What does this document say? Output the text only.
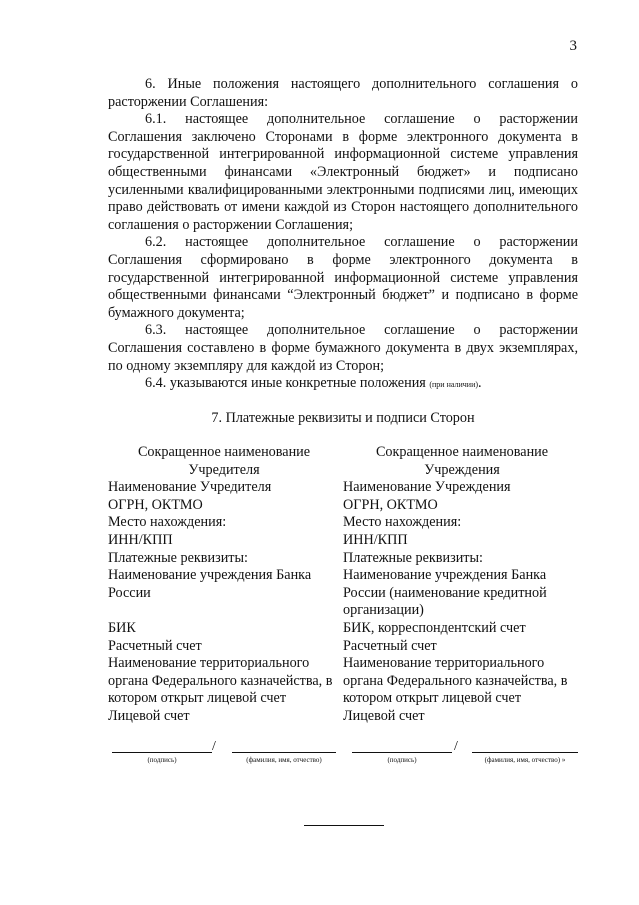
3

6. Иные положения настоящего дополнительного соглашения о расторжении Соглашения:

6.1. настоящее дополнительное соглашение о расторжении Соглашения заключено Сторонами в форме электронного документа в государственной интегрированной информационной системе управления общественными финансами «Электронный бюджет» и подписано усиленными квалифицированными электронными подписями лиц, имеющих право действовать от имени каждой из Сторон настоящего дополнительного соглашения о расторжении Соглашения;

6.2. настоящее дополнительное соглашение о расторжении Соглашения сформировано в форме электронного документа в государственной интегрированной информационной системе управления общественными финансами “Электронный бюджет” и подписано в форме бумажного документа;

6.3. настоящее дополнительное соглашение о расторжении Соглашения составлено в форме бумажного документа в двух экземплярах, по одному экземпляру для каждой из Сторон;

6.4. указываются иные конкретные положения (при наличии).

7. Платежные реквизиты и подписи Сторон
Сокращенное наименование Учредителя
Наименование Учредителя
ОГРН, ОКТМО
Место нахождения:
ИНН/КПП
Платежные реквизиты:
Наименование учреждения Банка России
БИК
Расчетный счет
Наименование территориального органа Федерального казначейства, в котором открыт лицевой счет
Лицевой счет
Сокращенное наименование Учреждения
Наименование Учреждения
ОГРН, ОКТМО
Место нахождения:
ИНН/КПП
Платежные реквизиты:
Наименование учреждения Банка России (наименование кредитной организации)
БИК, корреспондентский счет
Расчетный счет
Наименование территориального органа Федерального казначейства, в котором открыт лицевой счет
Лицевой счет
(подпись)
/
(фамилия, имя, отчество)	(подпись)
/
(фамилия, имя, отчество) »
